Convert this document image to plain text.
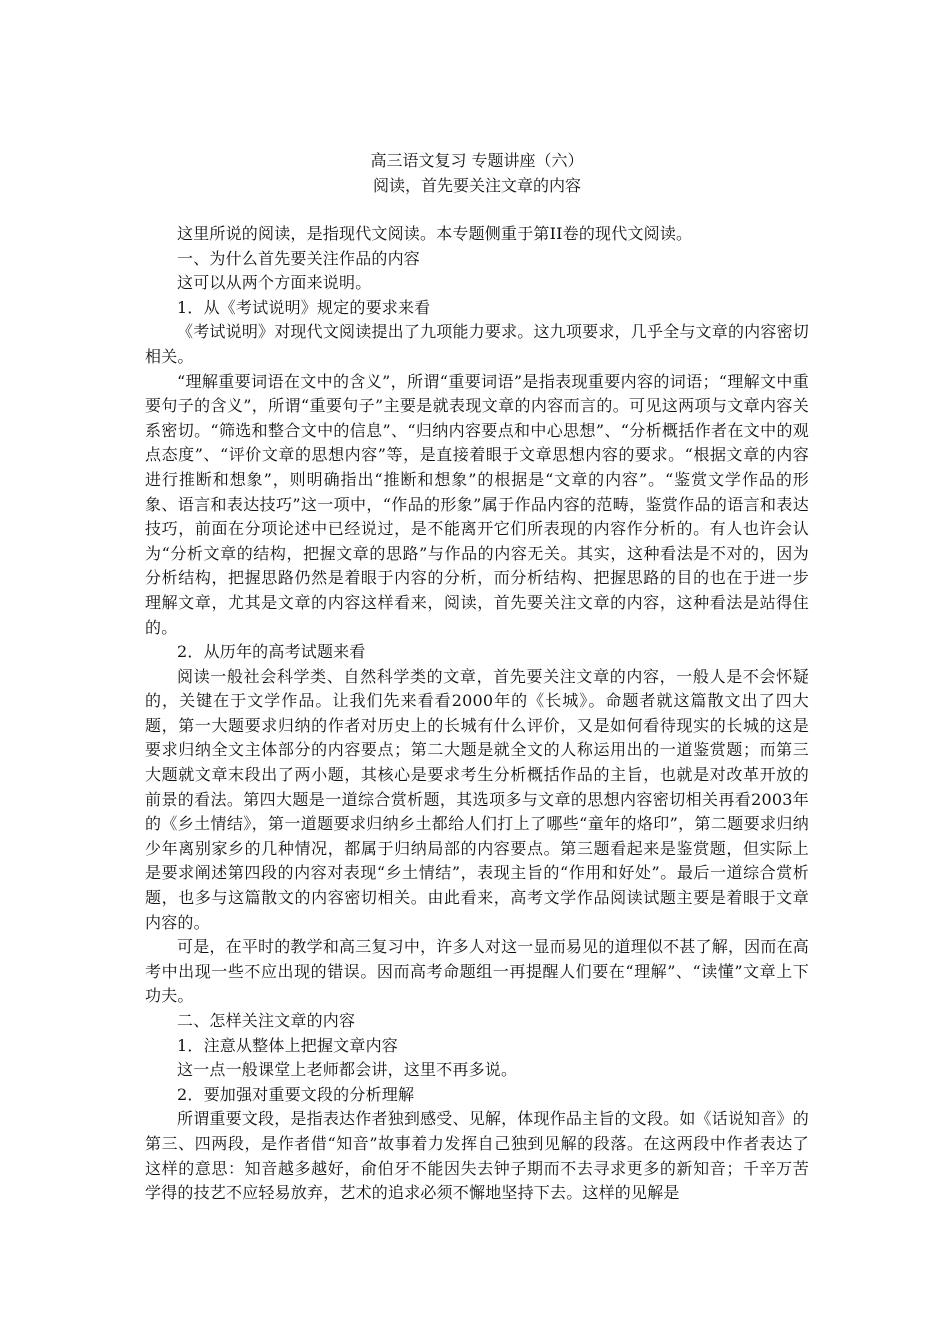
高三语文复习 专题讲座（六）
阅读，首先要关注文章的内容

这里所说的阅读，是指现代文阅读。本专题侧重于第II卷的现代文阅读。

一、为什么首先要关注作品的内容

这可以从两个方面来说明。

1．从《考试说明》规定的要求来看

《考试说明》对现代文阅读提出了九项能力要求。这九项要求，几乎全与文章的内容密切相关。

“理解重要词语在文中的含义”，所谓“重要词语”是指表现重要内容的词语；“理解文中重要句子的含义”，所谓“重要句子”主要是就表现文章的内容而言的。可见这两项与文章内容关系密切。“筛选和整合文中的信息”、“归纳内容要点和中心思想”、“分析概括作者在文中的观点态度”、“评价文章的思想内容”等，是直接着眼于文章思想内容的要求。“根据文章的内容进行推断和想象”，则明确指出“推断和想象”的根据是“文章的内容”。“鉴赏文学作品的形象、语言和表达技巧”这一项中，“作品的形象”属于作品内容的范畴，鉴赏作品的语言和表达技巧，前面在分项论述中已经说过，是不能离开它们所表现的内容作分析的。有人也许会认为“分析文章的结构，把握文章的思路”与作品的内容无关。其实，这种看法是不对的，因为分析结构，把握思路仍然是着眼于内容的分析，而分析结构、把握思路的目的也在于进一步理解文章，尤其是文章的内容这样看来，阅读，首先要关注文章的内容，这种看法是站得住的。

2．从历年的高考试题来看

阅读一般社会科学类、自然科学类的文章，首先要关注文章的内容，一般人是不会怀疑的，关键在于文学作品。让我们先来看看2000年的《长城》。命题者就这篇散文出了四大题，第一大题要求归纳的作者对历史上的长城有什么评价，又是如何看待现实的长城的这是要求归纳全文主体部分的内容要点；第二大题是就全文的人称运用出的一道鉴赏题；而第三大题就文章末段出了两小题，其核心是要求考生分析概括作品的主旨，也就是对改革开放的前景的看法。第四大题是一道综合赏析题，其选项多与文章的思想内容密切相关再看2003年的《乡土情结》，第一道题要求归纳乡土都给人们打上了哪些“童年的烙印”，第二题要求归纳少年离别家乡的几种情况，都属于归纳局部的内容要点。第三题看起来是鉴赏题，但实际上是要求阐述第四段的内容对表现“乡土情结”，表现主旨的“作用和好处”。最后一道综合赏析题，也多与这篇散文的内容密切相关。由此看来，高考文学作品阅读试题主要是着眼于文章内容的。

可是，在平时的教学和高三复习中，许多人对这一显而易见的道理似不甚了解，因而在高考中出现一些不应出现的错误。因而高考命题组一再提醒人们要在“理解”、“读懂”文章上下功夫。

二、怎样关注文章的内容

1．注意从整体上把握文章内容

这一点一般课堂上老师都会讲，这里不再多说。

2．要加强对重要文段的分析理解

所谓重要文段，是指表达作者独到感受、见解，体现作品主旨的文段。如《话说知音》的第三、四两段，是作者借“知音”故事着力发挥自己独到见解的段落。在这两段中作者表达了这样的意思：知音越多越好，俞伯牙不能因失去钟子期而不去寻求更多的新知音；千辛万苦学得的技艺不应轻易放弃，艺术的追求必须不懈地坚持下去。这样的见解是
